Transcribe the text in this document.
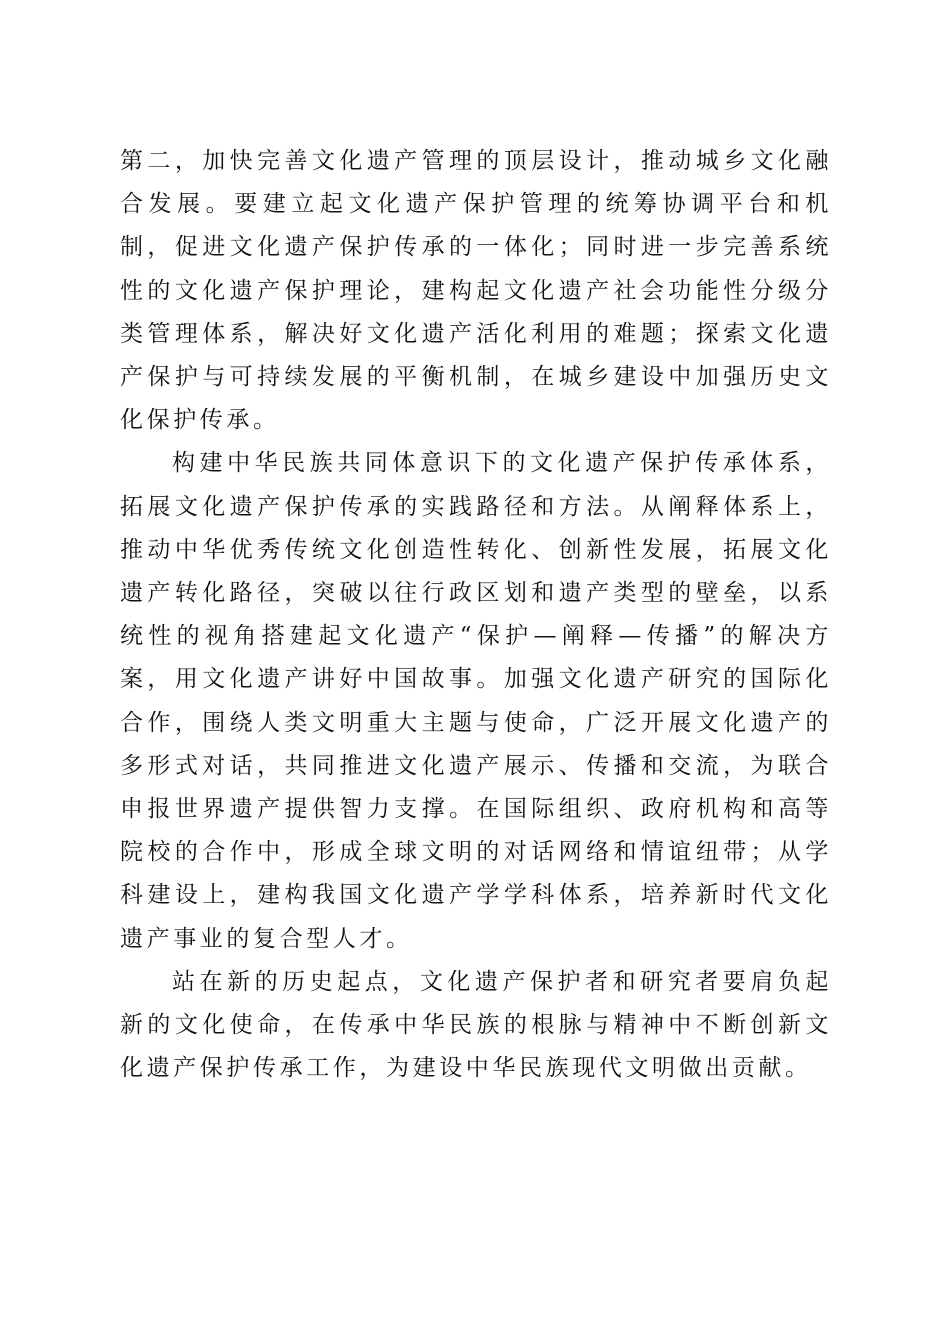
第二，加快完善文化遗产管理的顶层设计，推动城乡文化融合发展。要建立起文化遗产保护管理的统筹协调平台和机制，促进文化遗产保护传承的一体化；同时进一步完善系统性的文化遗产保护理论，建构起文化遗产社会功能性分级分类管理体系，解决好文化遗产活化利用的难题；探索文化遗产保护与可持续发展的平衡机制，在城乡建设中加强历史文化保护传承。

构建中华民族共同体意识下的文化遗产保护传承体系，拓展文化遗产保护传承的实践路径和方法。从阐释体系上，推动中华优秀传统文化创造性转化、创新性发展，拓展文化遗产转化路径，突破以往行政区划和遗产类型的壁垒，以系统性的视角搭建起文化遗产“保护—阐释—传播”的解决方案，用文化遗产讲好中国故事。加强文化遗产研究的国际化合作，围绕人类文明重大主题与使命，广泛开展文化遗产的多形式对话，共同推进文化遗产展示、传播和交流，为联合申报世界遗产提供智力支撑。在国际组织、政府机构和高等院校的合作中，形成全球文明的对话网络和情谊纽带；从学科建设上，建构我国文化遗产学学科体系，培养新时代文化遗产事业的复合型人才。

站在新的历史起点，文化遗产保护者和研究者要肩负起新的文化使命，在传承中华民族的根脉与精神中不断创新文化遗产保护传承工作，为建设中华民族现代文明做出贡献。
